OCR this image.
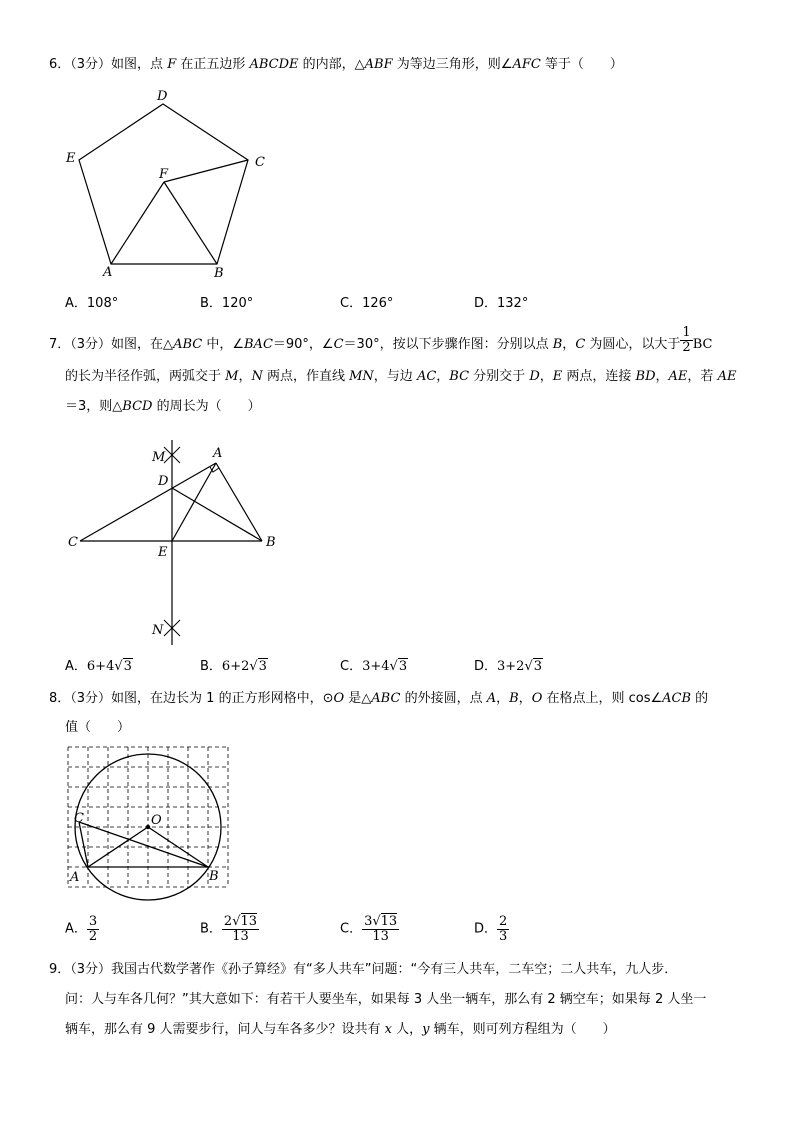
6．（3分）如图，点 F 在正五边形 ABCDE 的内部，△ABF 为等边三角形，则∠AFC 等于（　　）
D
E	C
F
A	B
A．108°	B．120°	C．126°	D．132°
7．（3分）如图，在△ABC 中，∠BAC＝90°，∠C＝30°，按以下步骤作图：分别以点 B，C 为圆心，以大于 $\frac{1}{2}$ BC
的长为半径作弧，两弧交于 M，N 两点，作直线 MN，与边 AC，BC 分别交于 D，E 两点，连接 BD，AE，若 AE
＝3，则△BCD 的周长为（　　）
M	A
D
C
E
B
N
A．6+4√3	B．6+2√3	C．3+4√3	D．3+2√3
8．（3分）如图，在边长为 1 的正方形网格中，⊙O 是△ABC 的外接圆，点 A，B，O 在格点上，则 cos∠ACB 的
值（　　）
C	O
A	B
A． $\frac{3}{2}$	B． $\frac{2√13}{13}$	C． $\frac{3√13}{13}$	D． $\frac{2}{3}$
9．（3分）我国古代数学著作《孙子算经》有“多人共车”问题：“今有三人共车，二车空；二人共车，九人步．
问：人与车各几何？”其大意如下：有若干人要坐车，如果每 3 人坐一辆车，那么有 2 辆空车；如果每 2 人坐一
辆车，那么有 9 人需要步行，问人与车各多少？设共有 x 人，y 辆车，则可列方程组为（　　）
